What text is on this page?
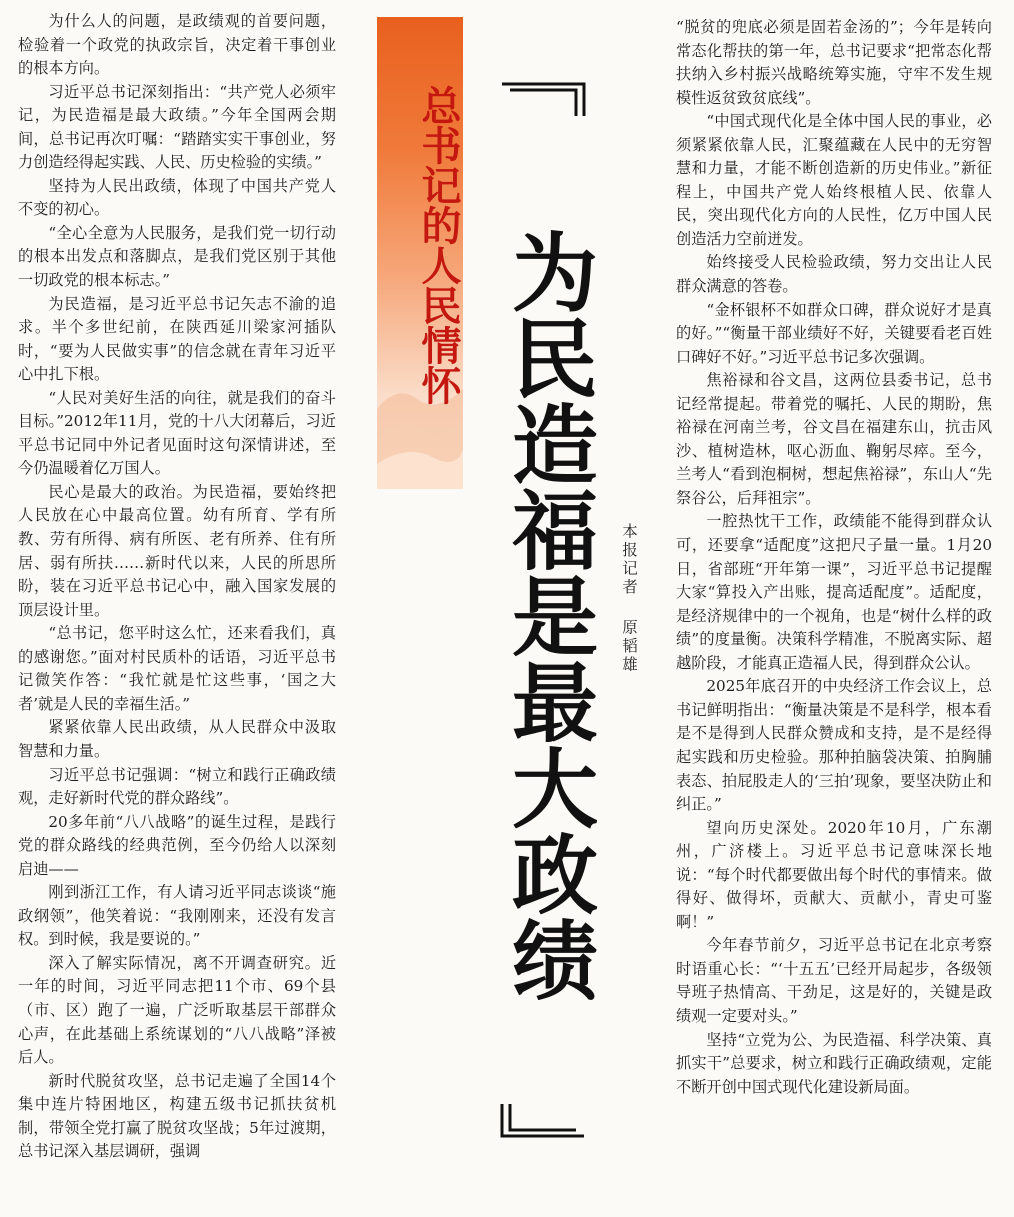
为什么人的问题，是政绩观的首要问题，检验着一个政党的执政宗旨，决定着干事创业的根本方向。

习近平总书记深刻指出：“共产党人必须牢记，为民造福是最大政绩。”今年全国两会期间，总书记再次叮嘱：“踏踏实实干事创业，努力创造经得起实践、人民、历史检验的实绩。”

坚持为人民出政绩，体现了中国共产党人不变的初心。

“全心全意为人民服务，是我们党一切行动的根本出发点和落脚点，是我们党区别于其他一切政党的根本标志。”

为民造福，是习近平总书记矢志不渝的追求。半个多世纪前，在陕西延川梁家河插队时，“要为人民做实事”的信念就在青年习近平心中扎下根。

“人民对美好生活的向往，就是我们的奋斗目标。”2012年11月，党的十八大闭幕后，习近平总书记同中外记者见面时这句深情讲述，至今仍温暖着亿万国人。

民心是最大的政治。为民造福，要始终把人民放在心中最高位置。幼有所育、学有所教、劳有所得、病有所医、老有所养、住有所居、弱有所扶……新时代以来，人民的所思所盼，装在习近平总书记心中，融入国家发展的顶层设计里。

“总书记，您平时这么忙，还来看我们，真的感谢您。”面对村民质朴的话语，习近平总书记微笑作答：“我忙就是忙这些事，‘国之大者’就是人民的幸福生活。”

紧紧依靠人民出政绩，从人民群众中汲取智慧和力量。

习近平总书记强调：“树立和践行正确政绩观，走好新时代党的群众路线”。

20多年前“八八战略”的诞生过程，是践行党的群众路线的经典范例，至今仍给人以深刻启迪——

刚到浙江工作，有人请习近平同志谈谈“施政纲领”，他笑着说：“我刚刚来，还没有发言权。到时候，我是要说的。”

深入了解实际情况，离不开调查研究。近一年的时间，习近平同志把11个市、69个县（市、区）跑了一遍，广泛听取基层干部群众心声，在此基础上系统谋划的“八八战略”泽被后人。

新时代脱贫攻坚，总书记走遍了全国14个集中连片特困地区，构建五级书记抓扶贫机制，带领全党打赢了脱贫攻坚战；5年过渡期，总书记深入基层调研，强调

总书记的人民情怀 为民造福是最大政绩	本报记者原韬雄

“脱贫的兜底必须是固若金汤的”；今年是转向常态化帮扶的第一年，总书记要求“把常态化帮扶纳入乡村振兴战略统筹实施，守牢不发生规模性返贫致贫底线”。

“中国式现代化是全体中国人民的事业，必须紧紧依靠人民，汇聚蕴藏在人民中的无穷智慧和力量，才能不断创造新的历史伟业。”新征程上，中国共产党人始终根植人民、依靠人民，突出现代化方向的人民性，亿万中国人民创造活力空前迸发。

始终接受人民检验政绩，努力交出让人民群众满意的答卷。

“金杯银杯不如群众口碑，群众说好才是真的好。”“衡量干部业绩好不好，关键要看老百姓口碑好不好。”习近平总书记多次强调。

焦裕禄和谷文昌，这两位县委书记，总书记经常提起。带着党的嘱托、人民的期盼，焦裕禄在河南兰考，谷文昌在福建东山，抗击风沙、植树造林，呕心沥血、鞠躬尽瘁。至今，兰考人“看到泡桐树，想起焦裕禄”，东山人“先祭谷公，后拜祖宗”。

一腔热忱干工作，政绩能不能得到群众认可，还要拿“适配度”这把尺子量一量。1月20日，省部班“开年第一课”，习近平总书记提醒大家“算投入产出账，提高适配度”。适配度，是经济规律中的一个视角，也是“树什么样的政绩”的度量衡。决策科学精准，不脱离实际、超越阶段，才能真正造福人民，得到群众公认。

2025年底召开的中央经济工作会议上，总书记鲜明指出：“衡量决策是不是科学，根本看是不是得到人民群众赞成和支持，是不是经得起实践和历史检验。那种拍脑袋决策、拍胸脯表态、拍屁股走人的‘三拍’现象，要坚决防止和纠正。”

望向历史深处。2020年10月，广东潮州，广济楼上。习近平总书记意味深长地说：“每个时代都要做出每个时代的事情来。做得好、做得坏，贡献大、贡献小，青史可鉴啊！”

今年春节前夕，习近平总书记在北京考察时语重心长：“‘十五五’已经开局起步，各级领导班子热情高、干劲足，这是好的，关键是政绩观一定要对头。”

坚持“立党为公、为民造福、科学决策、真抓实干”总要求，树立和践行正确政绩观，定能不断开创中国式现代化建设新局面。
